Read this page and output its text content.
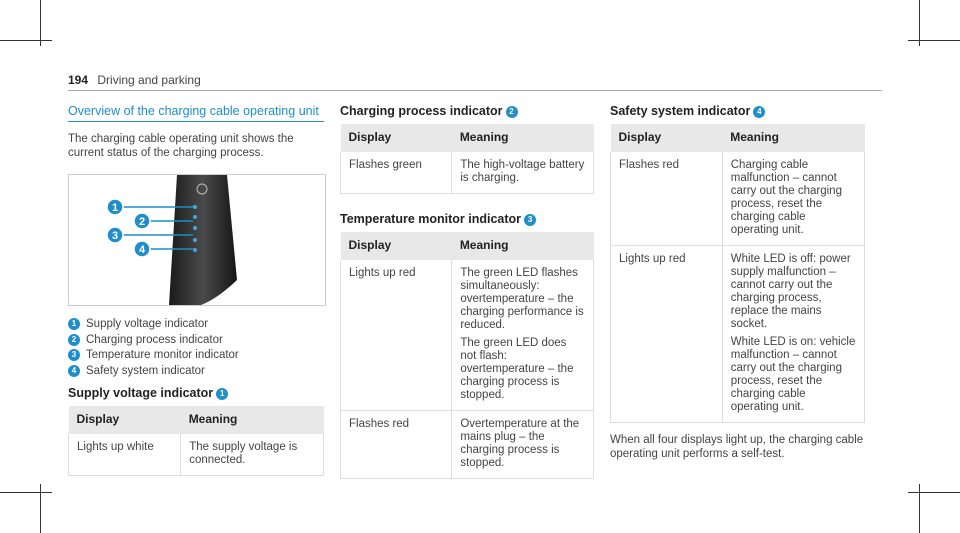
194 Driving and parking
Overview of the charging cable operating unit

The charging cable operating unit shows the current status of the charging process.

1
2
3
4
1 Supply voltage indicator
2 Charging process indicator
3 Temperature monitor indicator
4 Safety system indicator
Supply voltage indicator 1
Display	Meaning
Lights up white	The supply voltage is connected.
Charging process indicator 2
Display	Meaning
Flashes green	The high-voltage battery is charging.
Temperature monitor indicator 3
Display	Meaning
Lights up red	The green LED flashes simultaneously: overtemperature – the charging performance is reduced.

The green LED does not flash: overtemperature – the charging process is stopped.

Flashes red	Overtemperature at the mains plug – the charging process is stopped.
Safety system indicator 4
Display	Meaning
Flashes red	Charging cable malfunction – cannot carry out the charging process, reset the charging cable operating unit.
Lights up red	White LED is off: power supply malfunction – cannot carry out the charging process, replace the mains socket.

White LED is on: vehicle malfunction – cannot carry out the charging process, reset the charging cable operating unit.

When all four displays light up, the charging cable operating unit performs a self-test.
